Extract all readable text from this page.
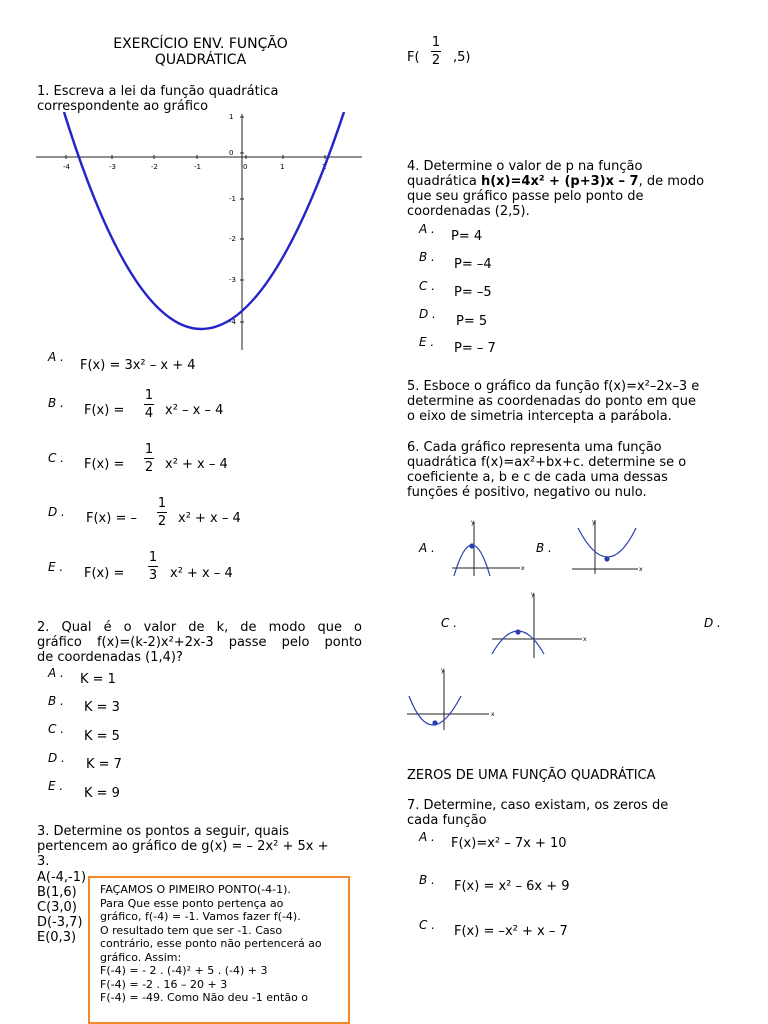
EXERCÍCIO ENV. FUNÇÃO
QUADRÁTICA
1. Escreva a lei da função quadrática
correspondente ao gráfico
-4	-3	-2	-1	0	1	2
1
0
-1
-2
-3
-4
A .
F(x) = 3x² – x + 4
B . F(x) =
1
4 x² – x – 4
C . F(x) =
1
2 x² + x – 4
D . F(x) = –
1
2 x² + x – 4
E . F(x) =
1
3 x² + x – 4
2. Qual é o valor de k, de modo que o
gráfico f(x)=(k-2)x²+2x-3 passe pelo ponto
de coordenadas (1,4)?
A . K = 1
B . K = 3
C . K = 5
D . K = 7
E . K = 9
3. Determine os pontos a seguir, quais
pertencem ao gráfico de g(x) = – 2x² + 5x +
3.
A(-4,-1)
B(1,6)
C(3,0)
D(-3,7)
E(0,3)
FAÇAMOS O PIMEIRO PONTO(-4-1).
Para Que esse ponto pertença ao
gráfico, f(-4) = -1. Vamos fazer f(-4).
O resultado tem que ser -1. Caso
contrário, esse ponto não pertencerá ao
gráfico. Assim:
F(-4) = - 2 . (-4)² + 5 . (-4) + 3
F(-4) = -2 . 16 – 20 + 3
F(-4) = -49. Como Não deu -1 então o
F(
1
2 ,5)
4. Determine o valor de p na função
quadrática h(x)=4x² + (p+3)x – 7, de modo
que seu gráfico passe pelo ponto de
coordenadas (2,5).
A . P= 4
B . P= –4
C . P= –5
D . P= 5
E . P= – 7
5. Esboce o gráfico da função f(x)=x²–2x–3 e
determine as coordenadas do ponto em que
o eixo de simetria intercepta a parábola.
6. Cada gráfico representa uma função
quadrática f(x)=ax²+bx+c. determine se o
coeficiente a, b e c de cada uma dessas
funções é positivo, negativo ou nulo.
A .
y
x
B .
y
x
C .
y
x
D .
y
x
ZEROS DE UMA FUNÇÃO QUADRÁTICA
7. Determine, caso existam, os zeros de
cada função
A . F(x)=x² – 7x + 10
B . F(x) = x² – 6x + 9
C . F(x) = –x² + x – 7
